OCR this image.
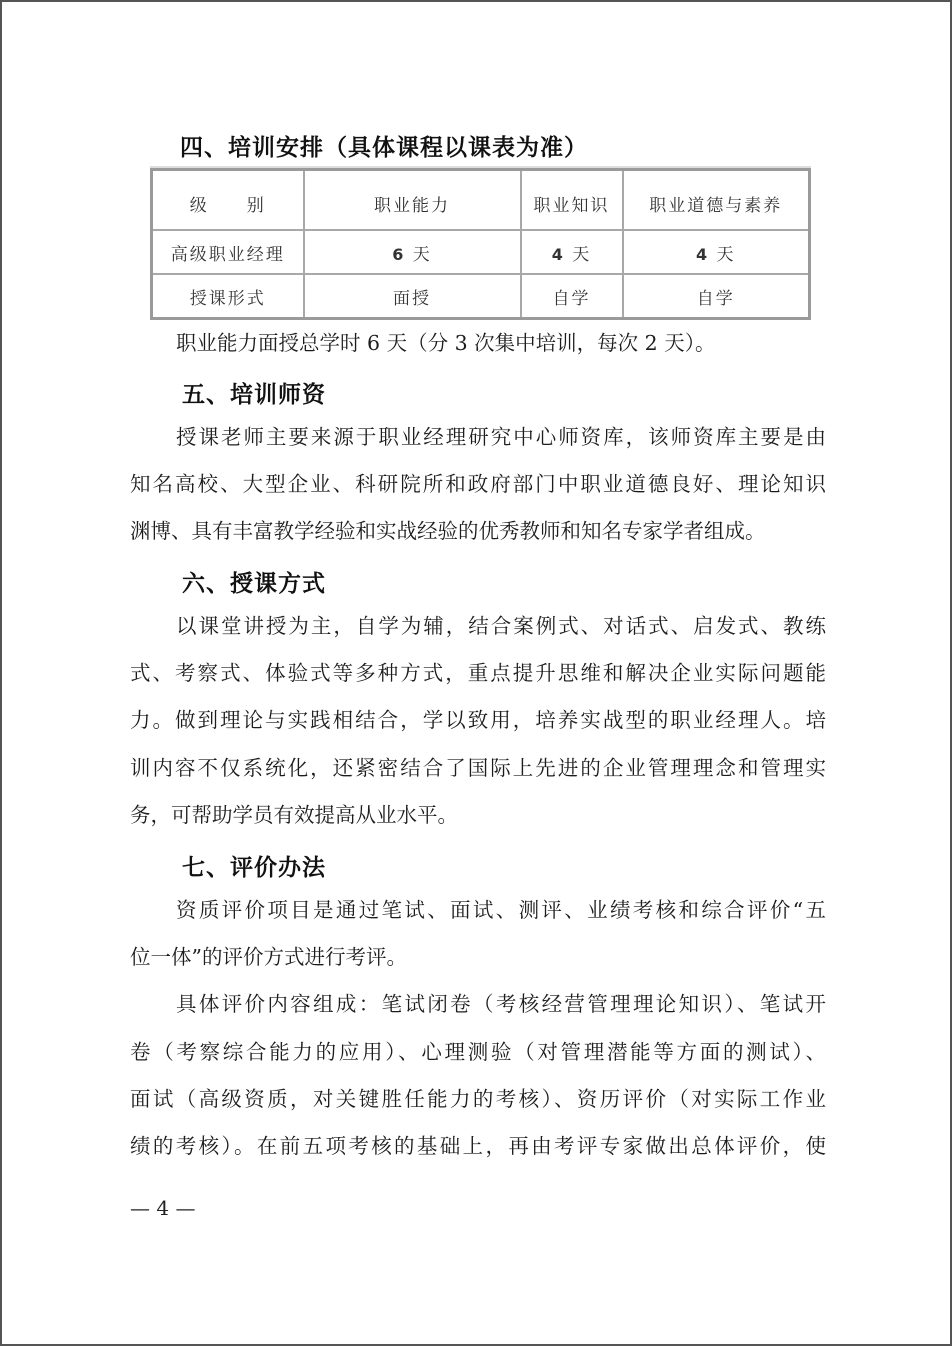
四、培训安排（具体课程以课表为准）
级　　别	职业能力	职业知识	职业道德与素养
高级职业经理	6 天	4 天	4 天
授课形式	面授	自学	自学
职业能力面授总学时 6 天（分 3 次集中培训，每次 2 天）。
五、培训师资
授课老师主要来源于职业经理研究中心师资库，该师资库主要是由
知名高校、大型企业、科研院所和政府部门中职业道德良好、理论知识
渊博、具有丰富教学经验和实战经验的优秀教师和知名专家学者组成。
六、授课方式
以课堂讲授为主，自学为辅，结合案例式、对话式、启发式、教练
式、考察式、体验式等多种方式，重点提升思维和解决企业实际问题能
力。做到理论与实践相结合，学以致用，培养实战型的职业经理人。培
训内容不仅系统化，还紧密结合了国际上先进的企业管理理念和管理实
务，可帮助学员有效提高从业水平。
七、评价办法
资质评价项目是通过笔试、面试、测评、业绩考核和综合评价“五
位一体”的评价方式进行考评。
具体评价内容组成：笔试闭卷（考核经营管理理论知识）、笔试开
卷（考察综合能力的应用）、心理测验（对管理潜能等方面的测试）、
面试（高级资质，对关键胜任能力的考核）、资历评价（对实际工作业
绩的考核）。在前五项考核的基础上，再由考评专家做出总体评价，使
— 4 —
